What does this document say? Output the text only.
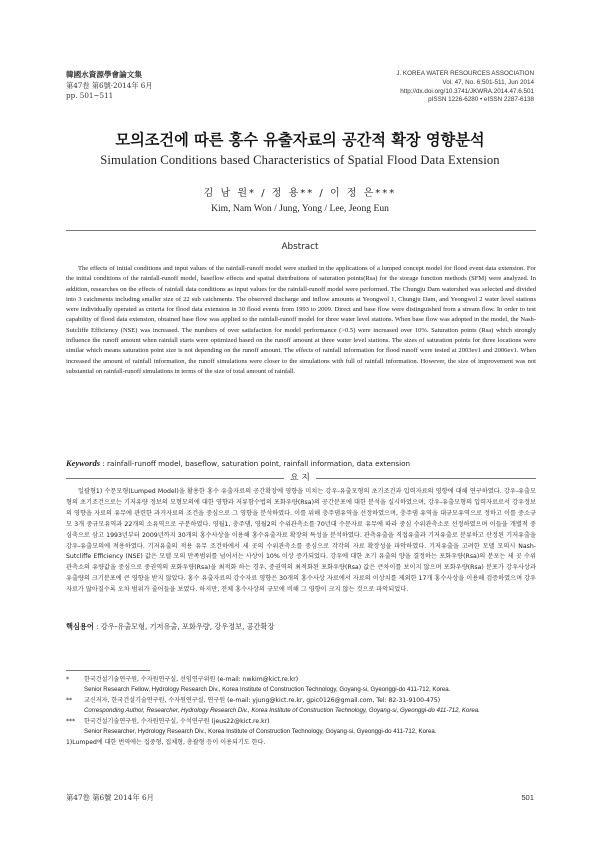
韓國水資源學會論文集
第47卷 第6號·2014年 6月
pp. 501~511
J. KOREA WATER RESOURCES ASSOCIATION
Vol. 47, No. 6:501-511, Jun 2014
http://dx.doi.org/10.3741/JKWRA.2014.47.6.501
pISSN 1226-6280 • eISSN 2287-6138
모의조건에 따른 홍수 유출자료의 공간적 확장 영향분석
Simulation Conditions based Characteristics of Spatial Flood Data Extension
김 남 원* / 정 용** / 이 정 은***
Kim, Nam Won / Jung, Yong / Lee, Jeong Eun
Abstract
The effects of initial conditions and input values of the rainfall-runoff model were studied in the applications of a lumped concept model for flood event data extension. For the initial conditions of the rainfall-runoff model, baseflow effects and spatial distributions of saturation points(Rsa) for the storage function methods (SFM) were analyzed. In addition, researches on the effects of rainfall data conditions as input values for the rainfall-runoff model were performed. The Chungju Dam watershed was selected and divided into 3 catchments including smaller size of 22 sub catchments. The observed discharge and inflow amounts at Yeongwol 1, Chungju Dam, and Yeongwol 2 water level stations were individually operated as criteria for flood data extension in 30 flood events from 1993 to 2009. Direct and base flow were distinguished from a stream flow. In order to test capability of flood data extension, obtained base flow was applied to the rainfall-runoff model for three water level stations. When base flow was adopted in the model, the Nash-Sutcliffe Efficiency (NSE) was increased. The numbers of over satisfaction for model performance (>0.5) were increased over 10%. Saturation points (Rsa) which strongly influence the runoff amount when rainfall starts were optimized based on the runoff amount at three water level stations. The sizes of saturation points for three locations were similar which means saturation point size is not depending on the runoff amount. The effects of rainfall information for flood runoff were tested at 2003ev1 and 2006ev1. When increased the amount of rainfall information, the runoff simulations were closer to the simulations with full of rainfall information. However, the size of improvement was not substantial on rainfall-runoff simulations in terms of the size of total amount of rainfall.
Keywords : rainfall-runoff model, baseflow, saturation point, rainfall information, data extension
요 지
일괄형1) 수문모형(Lumped Model)을 활용한 홍수 유출자료의 공간확장에 영향을 미치는 강우-유출모형의 초기조건과 입력자료의 영향에 대해 연구하였다. 강우-유출모형의 초기조건으로는 기저유량 정보의 모형모의에 대한 영향과 저류함수법의 포화우량(Rsa)의 공간분포에 대한 분석을 실시하였으며, 강우-유출모형의 입력자료로서 강우정보의 영향을 자료의 유무에 관련한 과거자료의 조건을 중심으로 그 영향을 분석하였다. 이를 위해 충주댐유역을 선정하였으며, 충주댐 유역을 대규모유역으로 정하고 이를 중소규모 3개 중규모유역과 22개의 소유역으로 구분하였다. 영월1, 충주댐, 영월2의 수위관측소를 70년대 수문자료 유무에 따라 중심 수위관측소로 선정하였으며 이들을 개별적 중심축으로 삼고 1993년부터 2009년까지 30개의 홍수사상을 이용해 홍수유출자료 확장의 특성을 분석하였다. 관측유출을 직접유출과 기저유출로 분류하고 산정된 기저유출을 강우-유출모의에 적용하였다. 기저유출의 적용 유무 조건하에서 세 곳의 수위관측소를 중심으로 각각의 자료 확장성을 파악하였다. 기저유출을 고려한 모델 모의시 Nash-Sutcliffe Efficiency (NSE) 값은 모델 모의 만족범위를 넘어서는 사상이 10% 이상 증가되었다. 강우에 대한 초기 유출의 양을 결정하는 포화우량(Rsa)의 분포는 세 곳 수위관측소의 유량값을 중심으로 중권역의 포화우량(Rsa)을 최적화 하는 경우, 중권역의 최적화된 포화우량(Rsa) 값은 큰차이를 보이지 않으며 포화우량(Rsa) 분포가 강우사상과 유출량의 크기분포에 큰 영향을 받지 않았다. 홍수 유출자료의 강수자료 영향은 30개의 홍수사상 자료에서 자료의 이상치를 제외한 17개 홍수사상을 이용해 검증하였으며 강우자료가 많아질수록 오차 범위가 줄어들을 보였다. 하지만, 전체 홍수사상의 규모에 비해 그 영향이 크지 않는 것으로 파악되었다.
핵심용어 : 강우-유출모형, 기저유출, 포화우량, 강우정보, 공간확장
* 한국건설기술연구원, 수자원연구실, 선임연구위원 (e-mail: nwkim@kict.re.kr)
Senior Research Fellow, Hydrology Research Div., Korea Institute of Construction Technology, Goyang-si, Gyeonggi-do 411-712, Korea.
** 교신저자, 한국건설기술연구원, 수자원연구실, 연구원 (e-mail: yjung@kict.re.kr, gpic0126@gmail.com, Tel: 82-31-9100-475)
Corresponding Author, Researcher, Hydrology Research Div., Korea Institute of Construction Technology, Goyang-si, Gyeonggi-do 411-712, Korea.
*** 한국건설기술연구원, 수자원연구실, 수석연구원 (jeus22@kict.re.kr)
Senior Researcher, Hydrology Research Div., Korea Institute of Construction Technology, Goyang-si, Gyeonggi-do 411-712, Korea.
1)Lumped에 대한 번역에는 집중형, 집체형, 총괄형 등이 이용되기도 한다.
第47卷 第6號 2014年 6月	501
